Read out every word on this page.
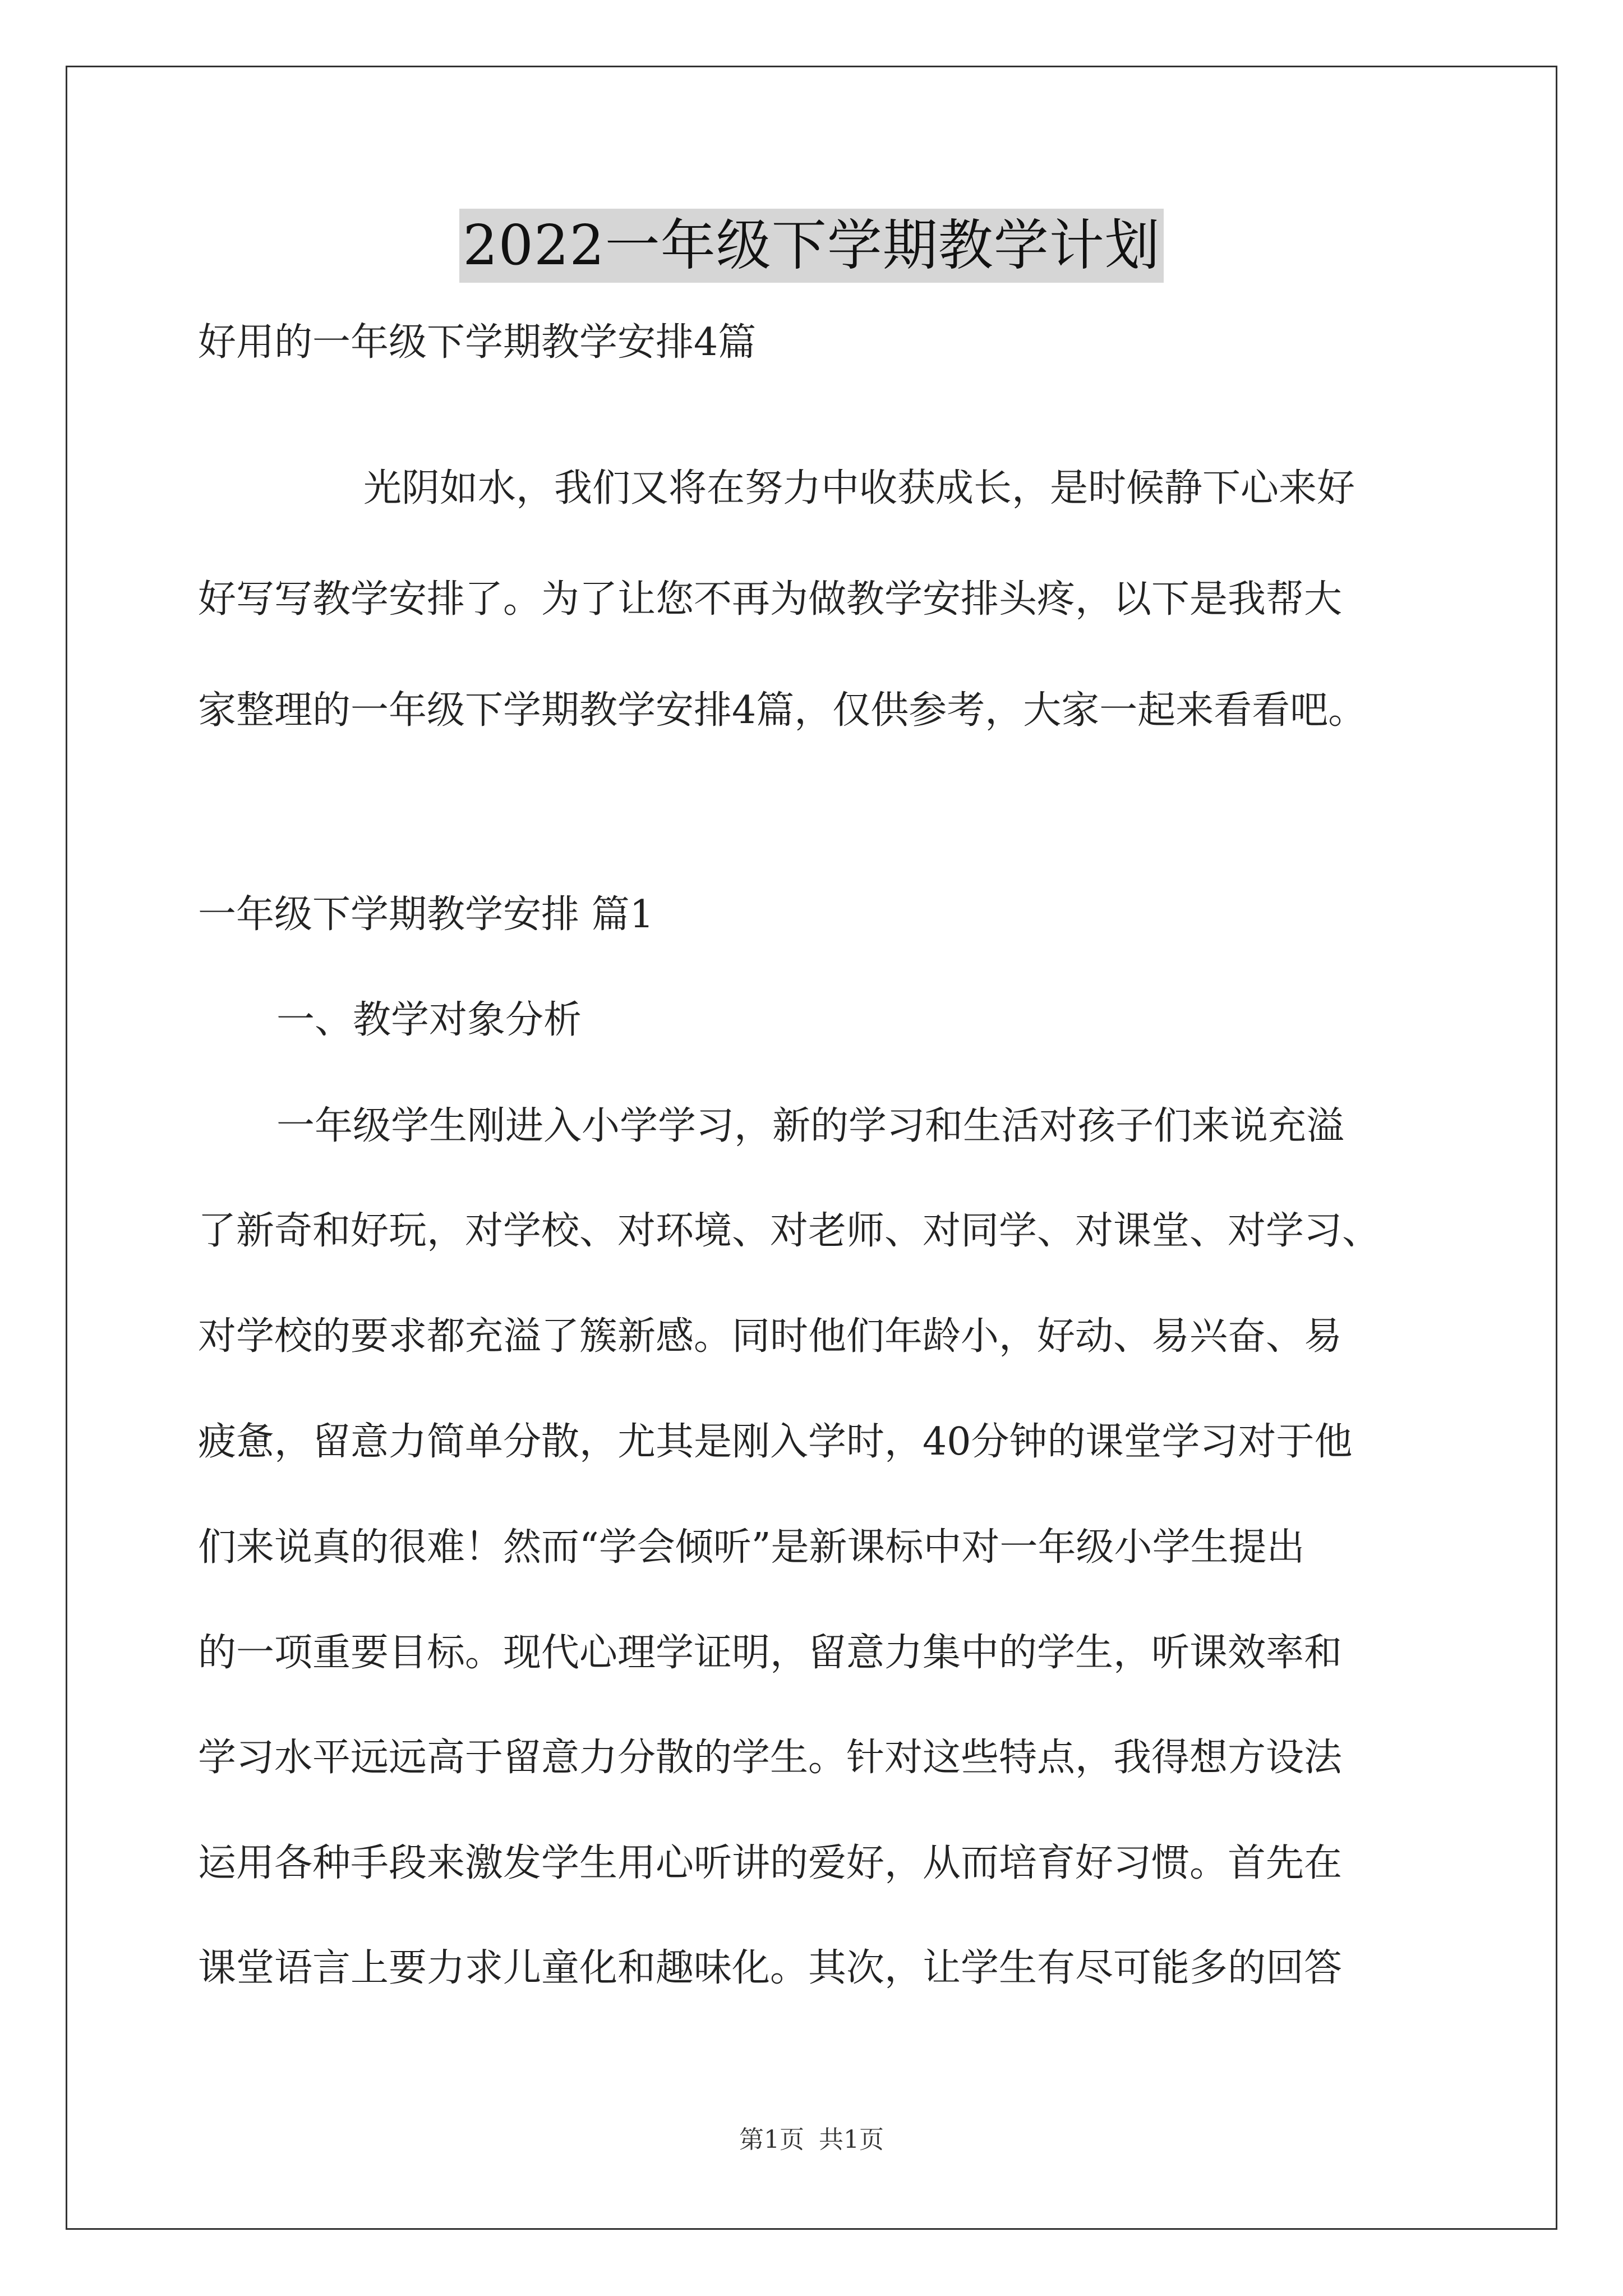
2022一年级下学期教学计划
好用的一年级下学期教学安排4篇
光阴如水，我们又将在努力中收获成长，是时候静下心来好
好写写教学安排了。为了让您不再为做教学安排头疼，以下是我帮大
家整理的一年级下学期教学安排4篇，仅供参考，大家一起来看看吧。
一年级下学期教学安排 篇1
一、教学对象分析
一年级学生刚进入小学学习，新的学习和生活对孩子们来说充溢
了新奇和好玩，对学校、对环境、对老师、对同学、对课堂、对学习、
对学校的要求都充溢了簇新感。同时他们年龄小，好动、易兴奋、易
疲惫，留意力简单分散，尤其是刚入学时，40分钟的课堂学习对于他
们来说真的很难！然而“学会倾听”是新课标中对一年级小学生提出
的一项重要目标。现代心理学证明，留意力集中的学生，听课效率和
学习水平远远高于留意力分散的学生。针对这些特点，我得想方设法
运用各种手段来激发学生用心听讲的爱好，从而培育好习惯。首先在
课堂语言上要力求儿童化和趣味化。其次，让学生有尽可能多的回答
第1页 共1页
